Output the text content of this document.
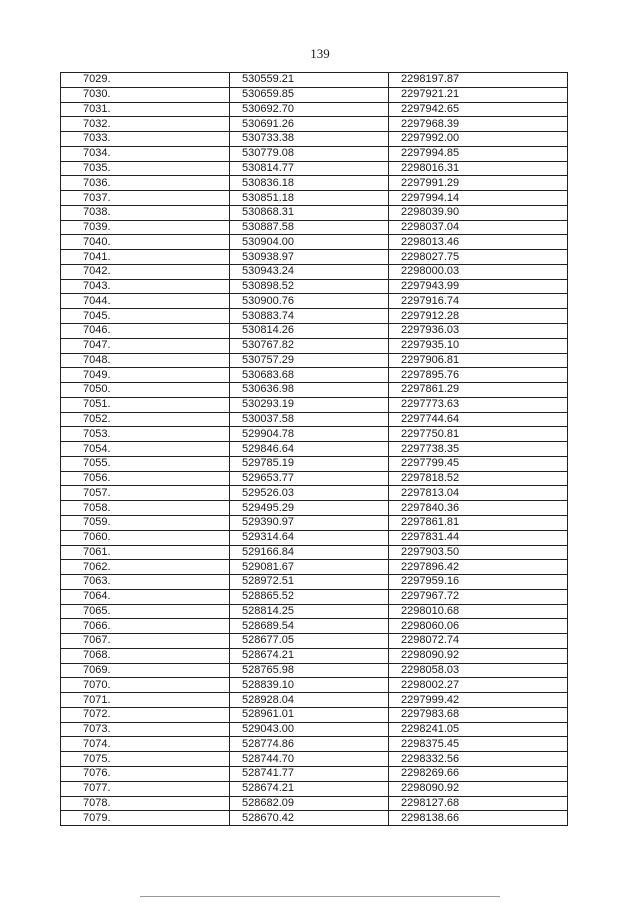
139
7029.	530559.21	2298197.87
7030.	530659.85	2297921.21
7031.	530692.70	2297942.65
7032.	530691.26	2297968.39
7033.	530733.38	2297992.00
7034.	530779.08	2297994.85
7035.	530814.77	2298016.31
7036.	530836.18	2297991.29
7037.	530851.18	2297994.14
7038.	530868.31	2298039.90
7039.	530887.58	2298037.04
7040.	530904.00	2298013.46
7041.	530938.97	2298027.75
7042.	530943.24	2298000.03
7043.	530898.52	2297943.99
7044.	530900.76	2297916.74
7045.	530883.74	2297912.28
7046.	530814.26	2297936.03
7047.	530767.82	2297935.10
7048.	530757.29	2297906.81
7049.	530683.68	2297895.76
7050.	530636.98	2297861.29
7051.	530293.19	2297773.63
7052.	530037.58	2297744.64
7053.	529904.78	2297750.81
7054.	529846.64	2297738.35
7055.	529785.19	2297799.45
7056.	529653.77	2297818.52
7057.	529526.03	2297813.04
7058.	529495.29	2297840.36
7059.	529390.97	2297861.81
7060.	529314.64	2297831.44
7061.	529166.84	2297903.50
7062.	529081.67	2297896.42
7063.	528972.51	2297959.16
7064.	528865.52	2297967.72
7065.	528814.25	2298010.68
7066.	528689.54	2298060.06
7067.	528677.05	2298072.74
7068.	528674.21	2298090.92
7069.	528765.98	2298058.03
7070.	528839.10	2298002.27
7071.	528928.04	2297999.42
7072.	528961.01	2297983.68
7073.	529043.00	2298241.05
7074.	528774.86	2298375.45
7075.	528744.70	2298332.56
7076.	528741.77	2298269.66
7077.	528674.21	2298090.92
7078.	528682.09	2298127.68
7079.	528670.42	2298138.66
